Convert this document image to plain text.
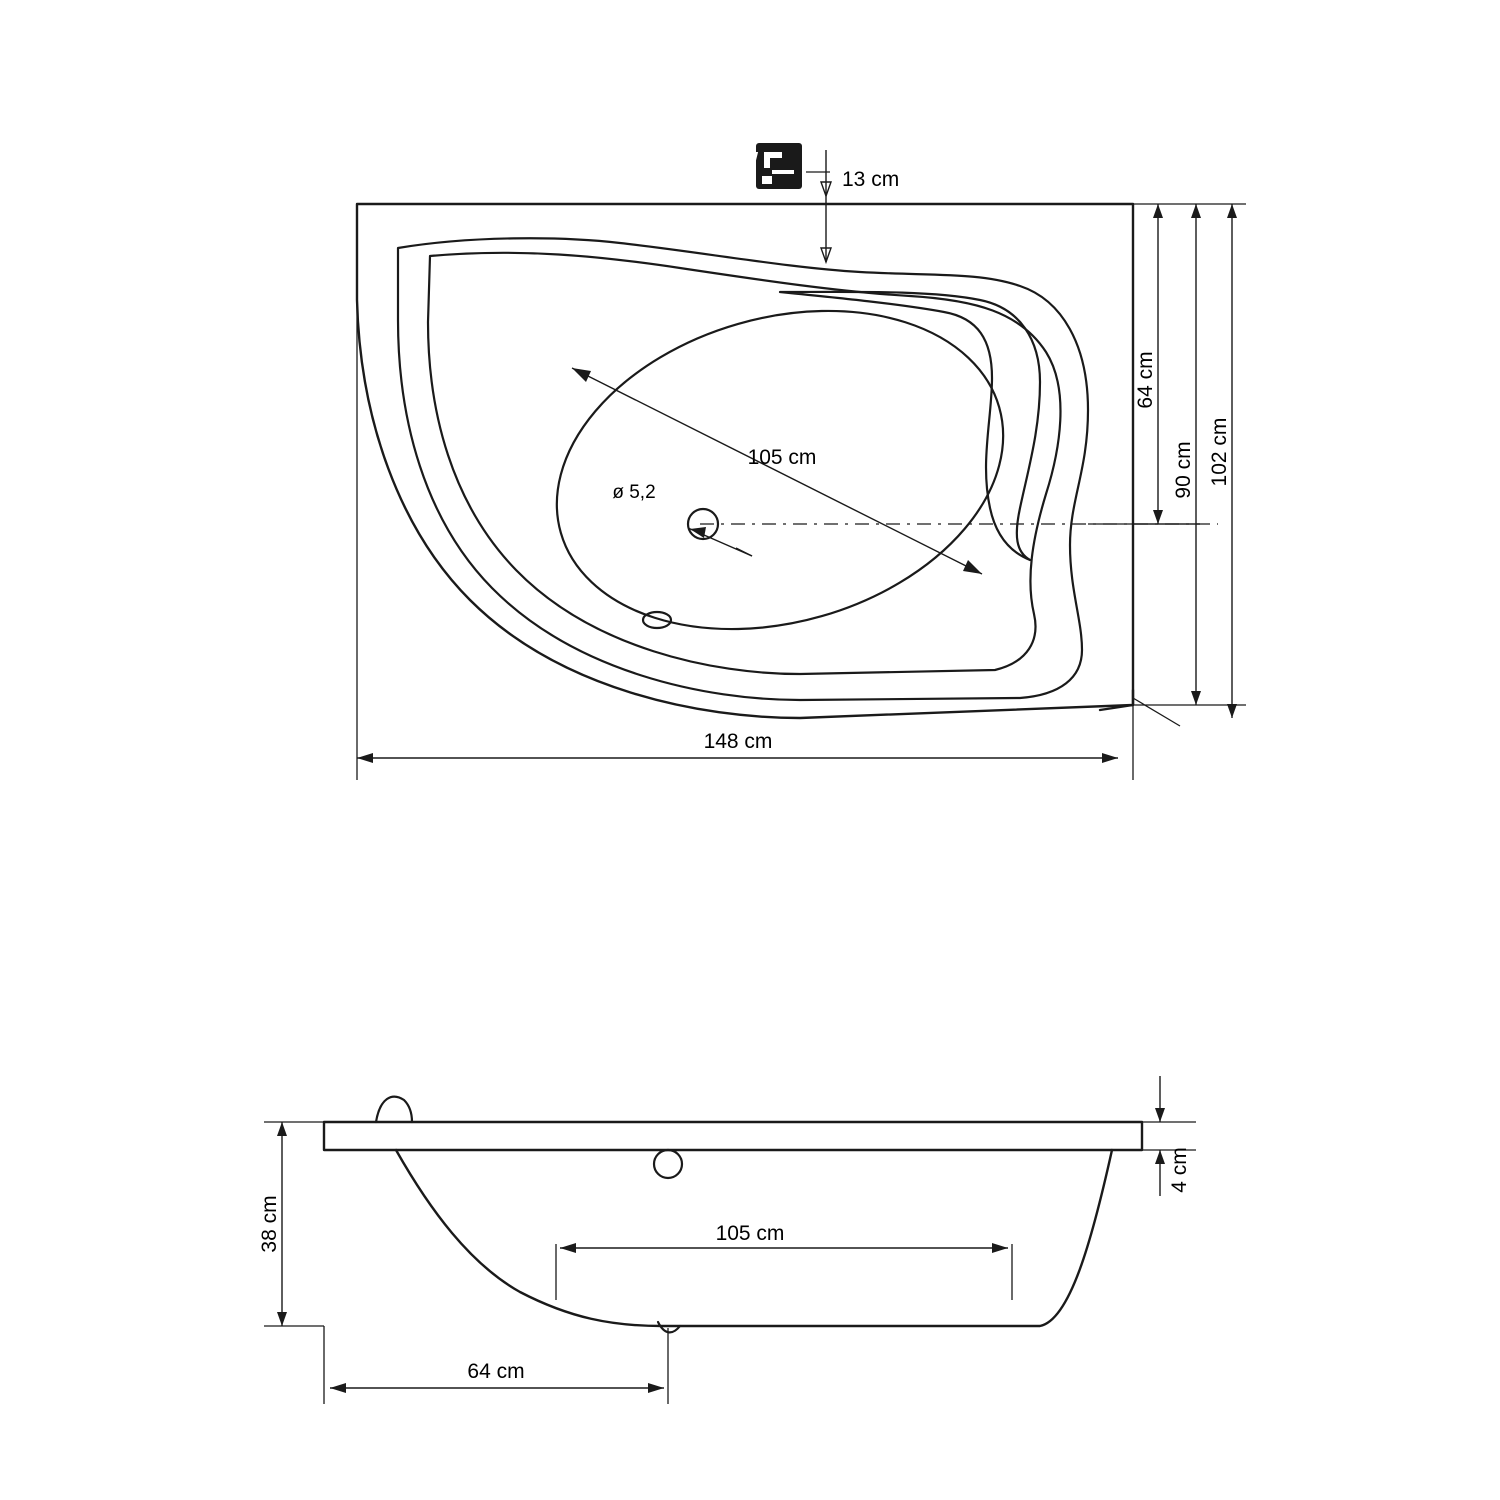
13 cm
64 cm
90 cm 102 cm
148 cm
105 cm
ø 5,2
38 cm
4 cm
105 cm
64 cm
